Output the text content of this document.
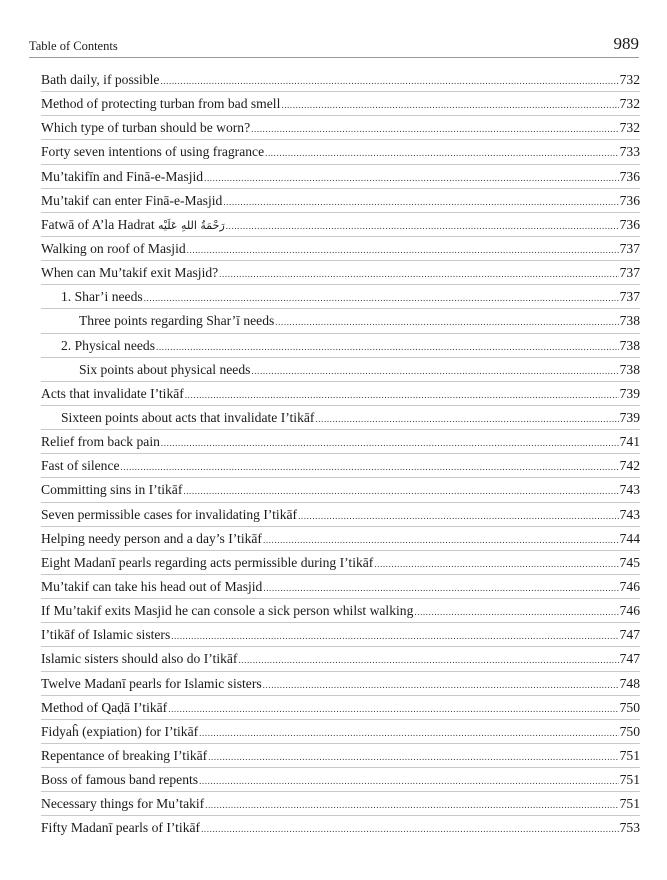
Table of Contents	989
Bath daily, if possible .....	732
Method of protecting turban from bad smell .....	732
Which type of turban should be worn? .....	732
Forty seven intentions of using fragrance .....	733
Mu’takifīn and Finā-e-Masjid .....	736
Mu’takif can enter Finā-e-Masjid .....	736
Fatwā of A’la Hadrat رَحْمَةُ اللهِ عَلَيْه .....	736
Walking on roof of Masjid .....	737
When can Mu’takif exit Masjid? .....	737
1. Shar’i needs .....	737
Three points regarding Shar’ī needs .....	738
2. Physical needs .....	738
Six points about physical needs .....	738
Acts that invalidate I’tikāf .....	739
Sixteen points about acts that invalidate I’tikāf .....	739
Relief from back pain .....	741
Fast of silence .....	742
Committing sins in I’tikāf .....	743
Seven permissible cases for invalidating I’tikāf .....	743
Helping needy person and a day’s I’tikāf .....	744
Eight Madanī pearls regarding acts permissible during I’tikāf .....	745
Mu’takif can take his head out of Masjid .....	746
If Mu’takif exits Masjid he can console a sick person whilst walking .....	746
I’tikāf of Islamic sisters .....	747
Islamic sisters should also do I’tikāf .....	747
Twelve Madanī pearls for Islamic sisters .....	748
Method of Qaḍā I’tikāf .....	750
Fidyaĥ (expiation) for I’tikāf .....	750
Repentance of breaking I’tikāf .....	751
Boss of famous band repents .....	751
Necessary things for Mu’takif .....	751
Fifty Madanī pearls of I’tikāf .....	753
